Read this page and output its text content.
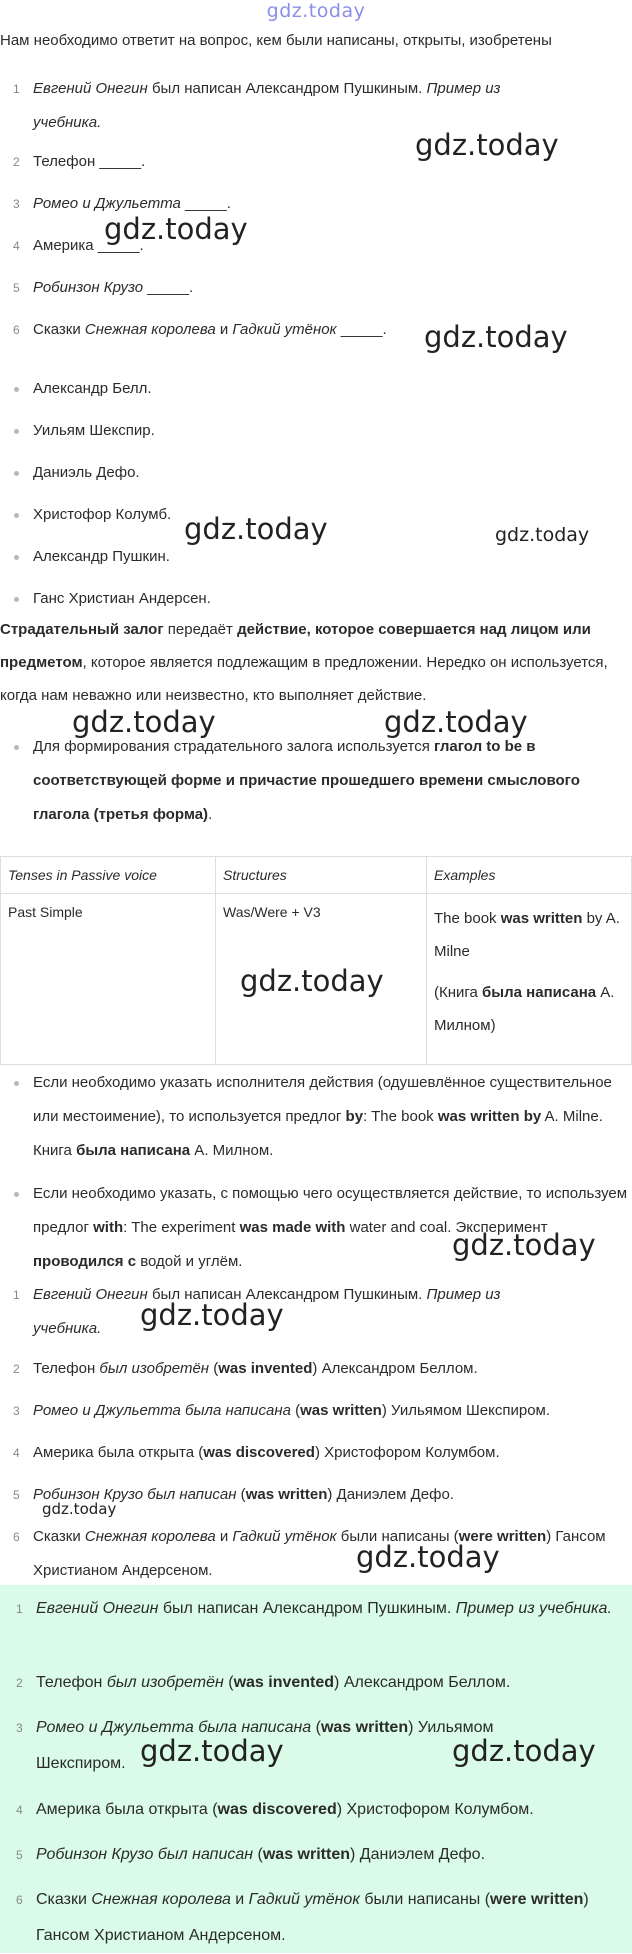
gdz.today
Нам необходимо ответит на вопрос, кем были написаны, открыты, изобретены
1 Евгений Онегин был написан Александром Пушкиным. Пример из учебника.
2 Телефон _____.
3 Ромео и Джульетта _____.
4 Америка _____.
5 Робинзон Крузо _____.
6 Сказки Снежная королева и Гадкий утёнок _____.
Александр Белл.
Уильям Шекспир.
Даниэль Дефо.
Христофор Колумб.
Александр Пушкин.
Ганс Христиан Андерсен.
Страдательный залог передаёт действие, которое совершается над лицом или предметом, которое является подлежащим в предложении. Нередко он используется, когда нам неважно или неизвестно, кто выполняет действие.
Для формирования страдательного залога используется глагол to be в соответствующей форме и причастие прошедшего времени смыслового глагола (третья форма).
Tenses in Passive voice	Structures	Examples
Past Simple	Was/Were + V3	The book was written by A. Milne
(Книга была написана А. Милном)
Если необходимо указать исполнителя действия (одушевлённое существительное или местоимение), то используется предлог by: The book was written by A. Milne. Книга была написана А. Милном.
Если необходимо указать, с помощью чего осуществляется действие, то используем предлог with: The experiment was made with water and coal. Эксперимент проводился с водой и углём.
1 Евгений Онегин был написан Александром Пушкиным. Пример из учебника.
2 Телефон был изобретён (was invented) Александром Беллом.
3 Ромео и Джульетта была написана (was written) Уильямом Шекспиром.
4 Америка была открыта (was discovered) Христофором Колумбом.
5 Робинзон Крузо был написан (was written) Даниэлем Дефо.
6 Сказки Снежная королева и Гадкий утёнок были написаны (were written) Гансом Христианом Андерсеном.
1 Евгений Онегин был написан Александром Пушкиным. Пример из учебника.
2 Телефон был изобретён (was invented) Александром Беллом.
3 Ромео и Джульетта была написана (was written) Уильямом Шекспиром.
4 Америка была открыта (was discovered) Христофором Колумбом.
5 Робинзон Крузо был написан (was written) Даниэлем Дефо.
6 Сказки Снежная королева и Гадкий утёнок были написаны (were written) Гансом Христианом Андерсеном.
gdz.today
gdz.today
gdz.today
gdz.today	gdz.today
gdz.today	gdz.today
gdz.today
gdz.today
gdz.today
gdz.today
gdz.today
gdz.today	gdz.today
